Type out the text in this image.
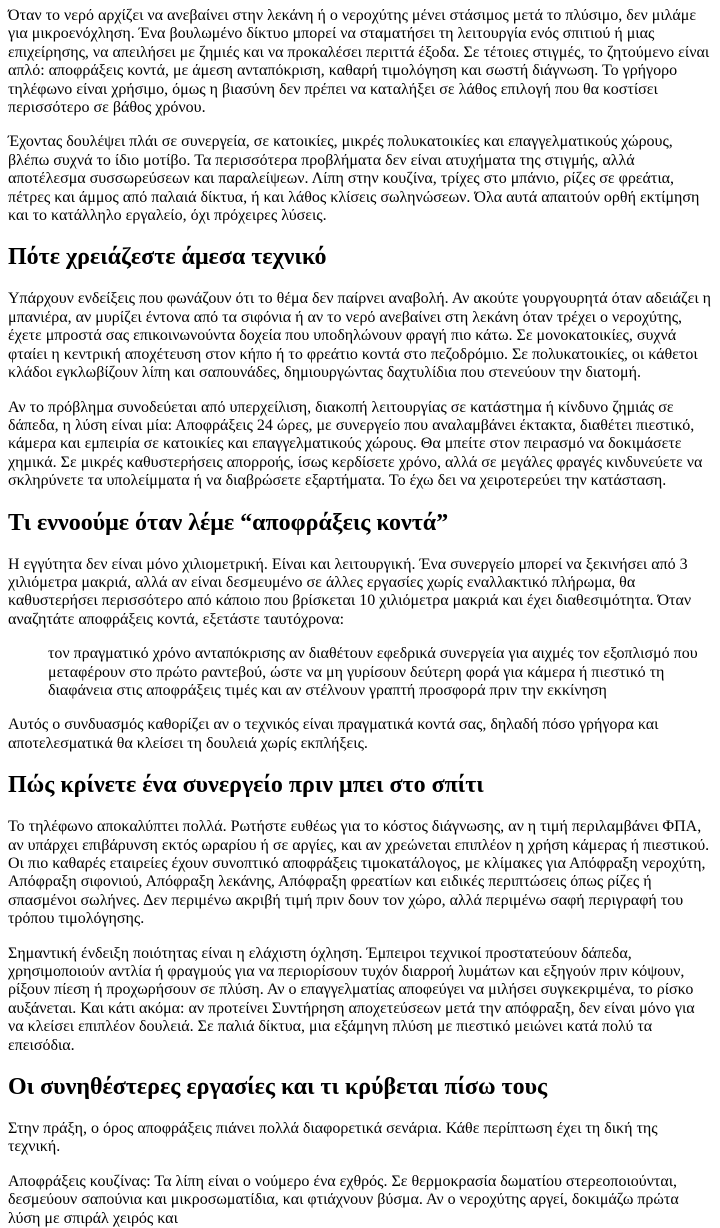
Όταν το νερό αρχίζει να ανεβαίνει στην λεκάνη ή ο νεροχύτης μένει στάσιμος μετά το πλύσιμο, δεν μιλάμε για μικροενόχληση. Ένα βουλωμένο δίκτυο μπορεί να σταματήσει τη λειτουργία ενός σπιτιού ή μιας επιχείρησης, να απειλήσει με ζημιές και να προκαλέσει περιττά έξοδα. Σε τέτοιες στιγμές, το ζητούμενο είναι απλό: αποφράξεις κοντά, με άμεση ανταπόκριση, καθαρή τιμολόγηση και σωστή διάγνωση. Το γρήγορο τηλέφωνο είναι χρήσιμο, όμως η βιασύνη δεν πρέπει να καταλήξει σε λάθος επιλογή που θα κοστίσει περισσότερο σε βάθος χρόνου.

Έχοντας δουλέψει πλάι σε συνεργεία, σε κατοικίες, μικρές πολυκατοικίες και επαγγελματικούς χώρους, βλέπω συχνά το ίδιο μοτίβο. Τα περισσότερα προβλήματα δεν είναι ατυχήματα της στιγμής, αλλά αποτέλεσμα συσσωρεύσεων και παραλείψεων. Λίπη στην κουζίνα, τρίχες στο μπάνιο, ρίζες σε φρεάτια, πέτρες και άμμος από παλαιά δίκτυα, ή και λάθος κλίσεις σωληνώσεων. Όλα αυτά απαιτούν ορθή εκτίμηση και το κατάλληλο εργαλείο, όχι πρόχειρες λύσεις.

Πότε χρειάζεστε άμεσα τεχνικό

Υπάρχουν ενδείξεις που φωνάζουν ότι το θέμα δεν παίρνει αναβολή. Αν ακούτε γουργουρητά όταν αδειάζει η μπανιέρα, αν μυρίζει έντονα από τα σιφόνια ή αν το νερό ανεβαίνει στη λεκάνη όταν τρέχει ο νεροχύτης, έχετε μπροστά σας επικοινωνούντα δοχεία που υποδηλώνουν φραγή πιο κάτω. Σε μονοκατοικίες, συχνά φταίει η κεντρική αποχέτευση στον κήπο ή το φρεάτιο κοντά στο πεζοδρόμιο. Σε πολυκατοικίες, οι κάθετοι κλάδοι εγκλωβίζουν λίπη και σαπουνάδες, δημιουργώντας δαχτυλίδια που στενεύουν την διατομή.

Αν το πρόβλημα συνοδεύεται από υπερχείλιση, διακοπή λειτουργίας σε κατάστημα ή κίνδυνο ζημιάς σε δάπεδα, η λύση είναι μία: Αποφράξεις 24 ώρες, με συνεργείο που αναλαμβάνει έκτακτα, διαθέτει πιεστικό, κάμερα και εμπειρία σε κατοικίες και επαγγελματικούς χώρους. Θα μπείτε στον πειρασμό να δοκιμάσετε χημικά. Σε μικρές καθυστερήσεις απορροής, ίσως κερδίσετε χρόνο, αλλά σε μεγάλες φραγές κινδυνεύετε να σκληρύνετε τα υπολείμματα ή να διαβρώσετε εξαρτήματα. Το έχω δει να χειροτερεύει την κατάσταση.

Τι εννοούμε όταν λέμε “αποφράξεις κοντά”

Η εγγύτητα δεν είναι μόνο χιλιομετρική. Είναι και λειτουργική. Ένα συνεργείο μπορεί να ξεκινήσει από 3 χιλιόμετρα μακριά, αλλά αν είναι δεσμευμένο σε άλλες εργασίες χωρίς εναλλακτικό πλήρωμα, θα καθυστερήσει περισσότερο από κάποιο που βρίσκεται 10 χιλιόμετρα μακριά και έχει διαθεσιμότητα. Όταν αναζητάτε αποφράξεις κοντά, εξετάστε ταυτόχρονα:

τον πραγματικό χρόνο ανταπόκρισης αν διαθέτουν εφεδρικά συνεργεία για αιχμές τον εξοπλισμό που μεταφέρουν στο πρώτο ραντεβού, ώστε να μη γυρίσουν δεύτερη φορά για κάμερα ή πιεστικό τη διαφάνεια στις αποφράξεις τιμές και αν στέλνουν γραπτή προσφορά πριν την εκκίνηση

Αυτός ο συνδυασμός καθορίζει αν ο τεχνικός είναι πραγματικά κοντά σας, δηλαδή πόσο γρήγορα και αποτελεσματικά θα κλείσει τη δουλειά χωρίς εκπλήξεις.

Πώς κρίνετε ένα συνεργείο πριν μπει στο σπίτι

Το τηλέφωνο αποκαλύπτει πολλά. Ρωτήστε ευθέως για το κόστος διάγνωσης, αν η τιμή περιλαμβάνει ΦΠΑ, αν υπάρχει επιβάρυνση εκτός ωραρίου ή σε αργίες, και αν χρεώνεται επιπλέον η χρήση κάμερας ή πιεστικού. Οι πιο καθαρές εταιρείες έχουν συνοπτικό αποφράξεις τιμοκατάλογος, με κλίμακες για Απόφραξη νεροχύτη, Απόφραξη σιφονιού, Απόφραξη λεκάνης, Απόφραξη φρεατίων και ειδικές περιπτώσεις όπως ρίζες ή σπασμένοι σωλήνες. Δεν περιμένω ακριβή τιμή πριν δουν τον χώρο, αλλά περιμένω σαφή περιγραφή του τρόπου τιμολόγησης.

Σημαντική ένδειξη ποιότητας είναι η ελάχιστη όχληση. Έμπειροι τεχνικοί προστατεύουν δάπεδα, χρησιμοποιούν αντλία ή φραγμούς για να περιορίσουν τυχόν διαρροή λυμάτων και εξηγούν πριν κόψουν, ρίξουν πίεση ή προχωρήσουν σε πλύση. Αν ο επαγγελματίας αποφεύγει να μιλήσει συγκεκριμένα, το ρίσκο αυξάνεται. Και κάτι ακόμα: αν προτείνει Συντήρηση αποχετεύσεων μετά την απόφραξη, δεν είναι μόνο για να κλείσει επιπλέον δουλειά. Σε παλιά δίκτυα, μια εξάμηνη πλύση με πιεστικό μειώνει κατά πολύ τα επεισόδια.

Οι συνηθέστερες εργασίες και τι κρύβεται πίσω τους

Στην πράξη, ο όρος αποφράξεις πιάνει πολλά διαφορετικά σενάρια. Κάθε περίπτωση έχει τη δική της τεχνική.

Αποφράξεις κουζίνας: Τα λίπη είναι ο νούμερο ένα εχθρός. Σε θερμοκρασία δωματίου στερεοποιούνται, δεσμεύουν σαπούνια και μικροσωματίδια, και φτιάχνουν βύσμα. Αν ο νεροχύτης αργεί, δοκιμάζω πρώτα λύση με σπιράλ χειρός και
